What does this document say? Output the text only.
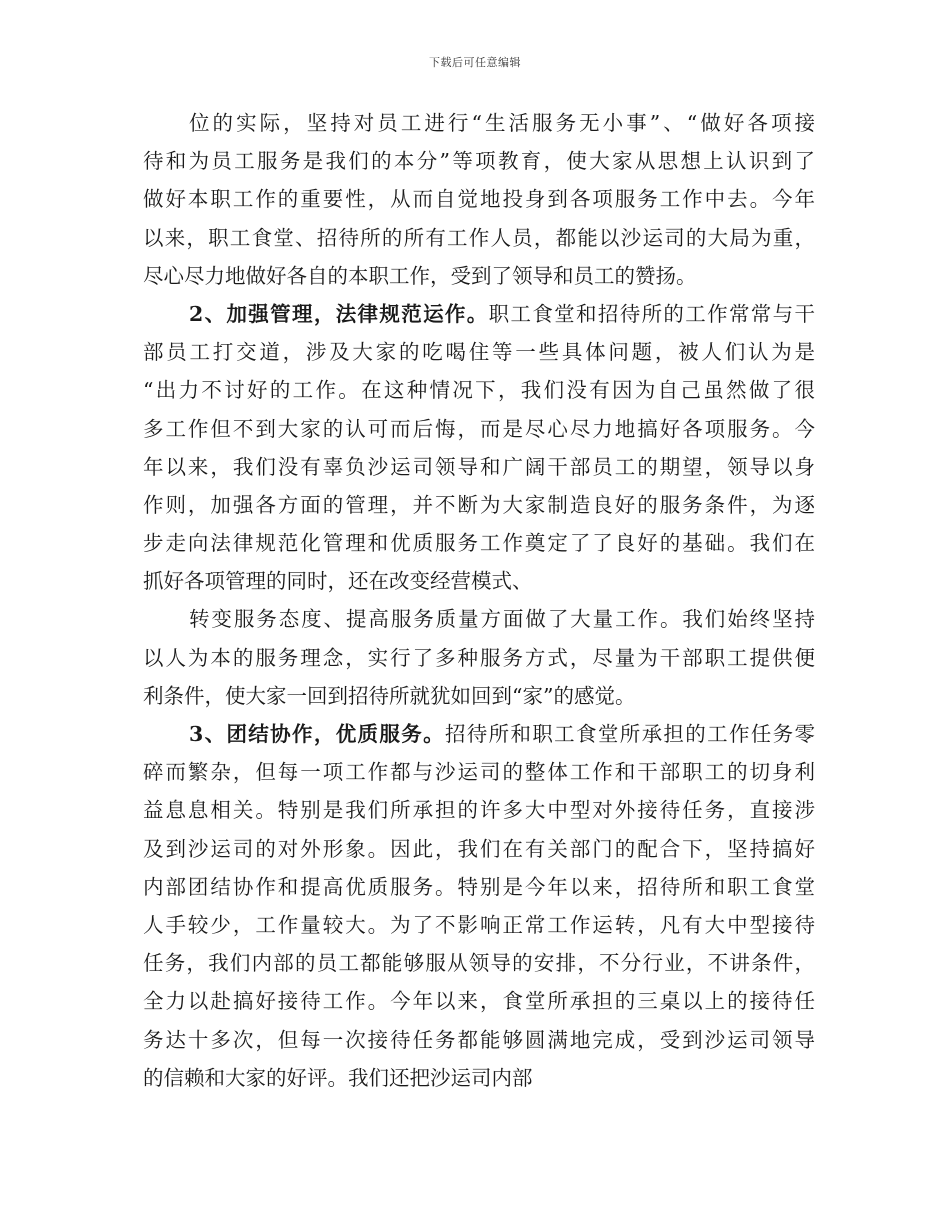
下载后可任意编辑
位的实际，坚持对员工进行“生活服务无小事”、“做好各项接
待和为员工服务是我们的本分”等项教育，使大家从思想上认识到了
做好本职工作的重要性，从而自觉地投身到各项服务工作中去。今年
以来，职工食堂、招待所的所有工作人员，都能以沙运司的大局为重，
尽心尽力地做好各自的本职工作，受到了领导和员工的赞扬。
2、加强管理，法律规范运作。职工食堂和招待所的工作常常与干
部员工打交道，涉及大家的吃喝住等一些具体问题，被人们认为是
“出力不讨好的工作。在这种情况下，我们没有因为自己虽然做了很
多工作但不到大家的认可而后悔，而是尽心尽力地搞好各项服务。今
年以来，我们没有辜负沙运司领导和广阔干部员工的期望，领导以身
作则，加强各方面的管理，并不断为大家制造良好的服务条件，为逐
步走向法律规范化管理和优质服务工作奠定了了良好的基础。我们在
抓好各项管理的同时，还在改变经营模式、
转变服务态度、提高服务质量方面做了大量工作。我们始终坚持
以人为本的服务理念，实行了多种服务方式，尽量为干部职工提供便
利条件，使大家一回到招待所就犹如回到“家”的感觉。
3、团结协作，优质服务。招待所和职工食堂所承担的工作任务零
碎而繁杂，但每一项工作都与沙运司的整体工作和干部职工的切身利
益息息相关。特别是我们所承担的许多大中型对外接待任务，直接涉
及到沙运司的对外形象。因此，我们在有关部门的配合下，坚持搞好
内部团结协作和提高优质服务。特别是今年以来，招待所和职工食堂
人手较少，工作量较大。为了不影响正常工作运转，凡有大中型接待
任务，我们内部的员工都能够服从领导的安排，不分行业，不讲条件，
全力以赴搞好接待工作。今年以来，食堂所承担的三桌以上的接待任
务达十多次，但每一次接待任务都能够圆满地完成，受到沙运司领导
的信赖和大家的好评。我们还把沙运司内部
